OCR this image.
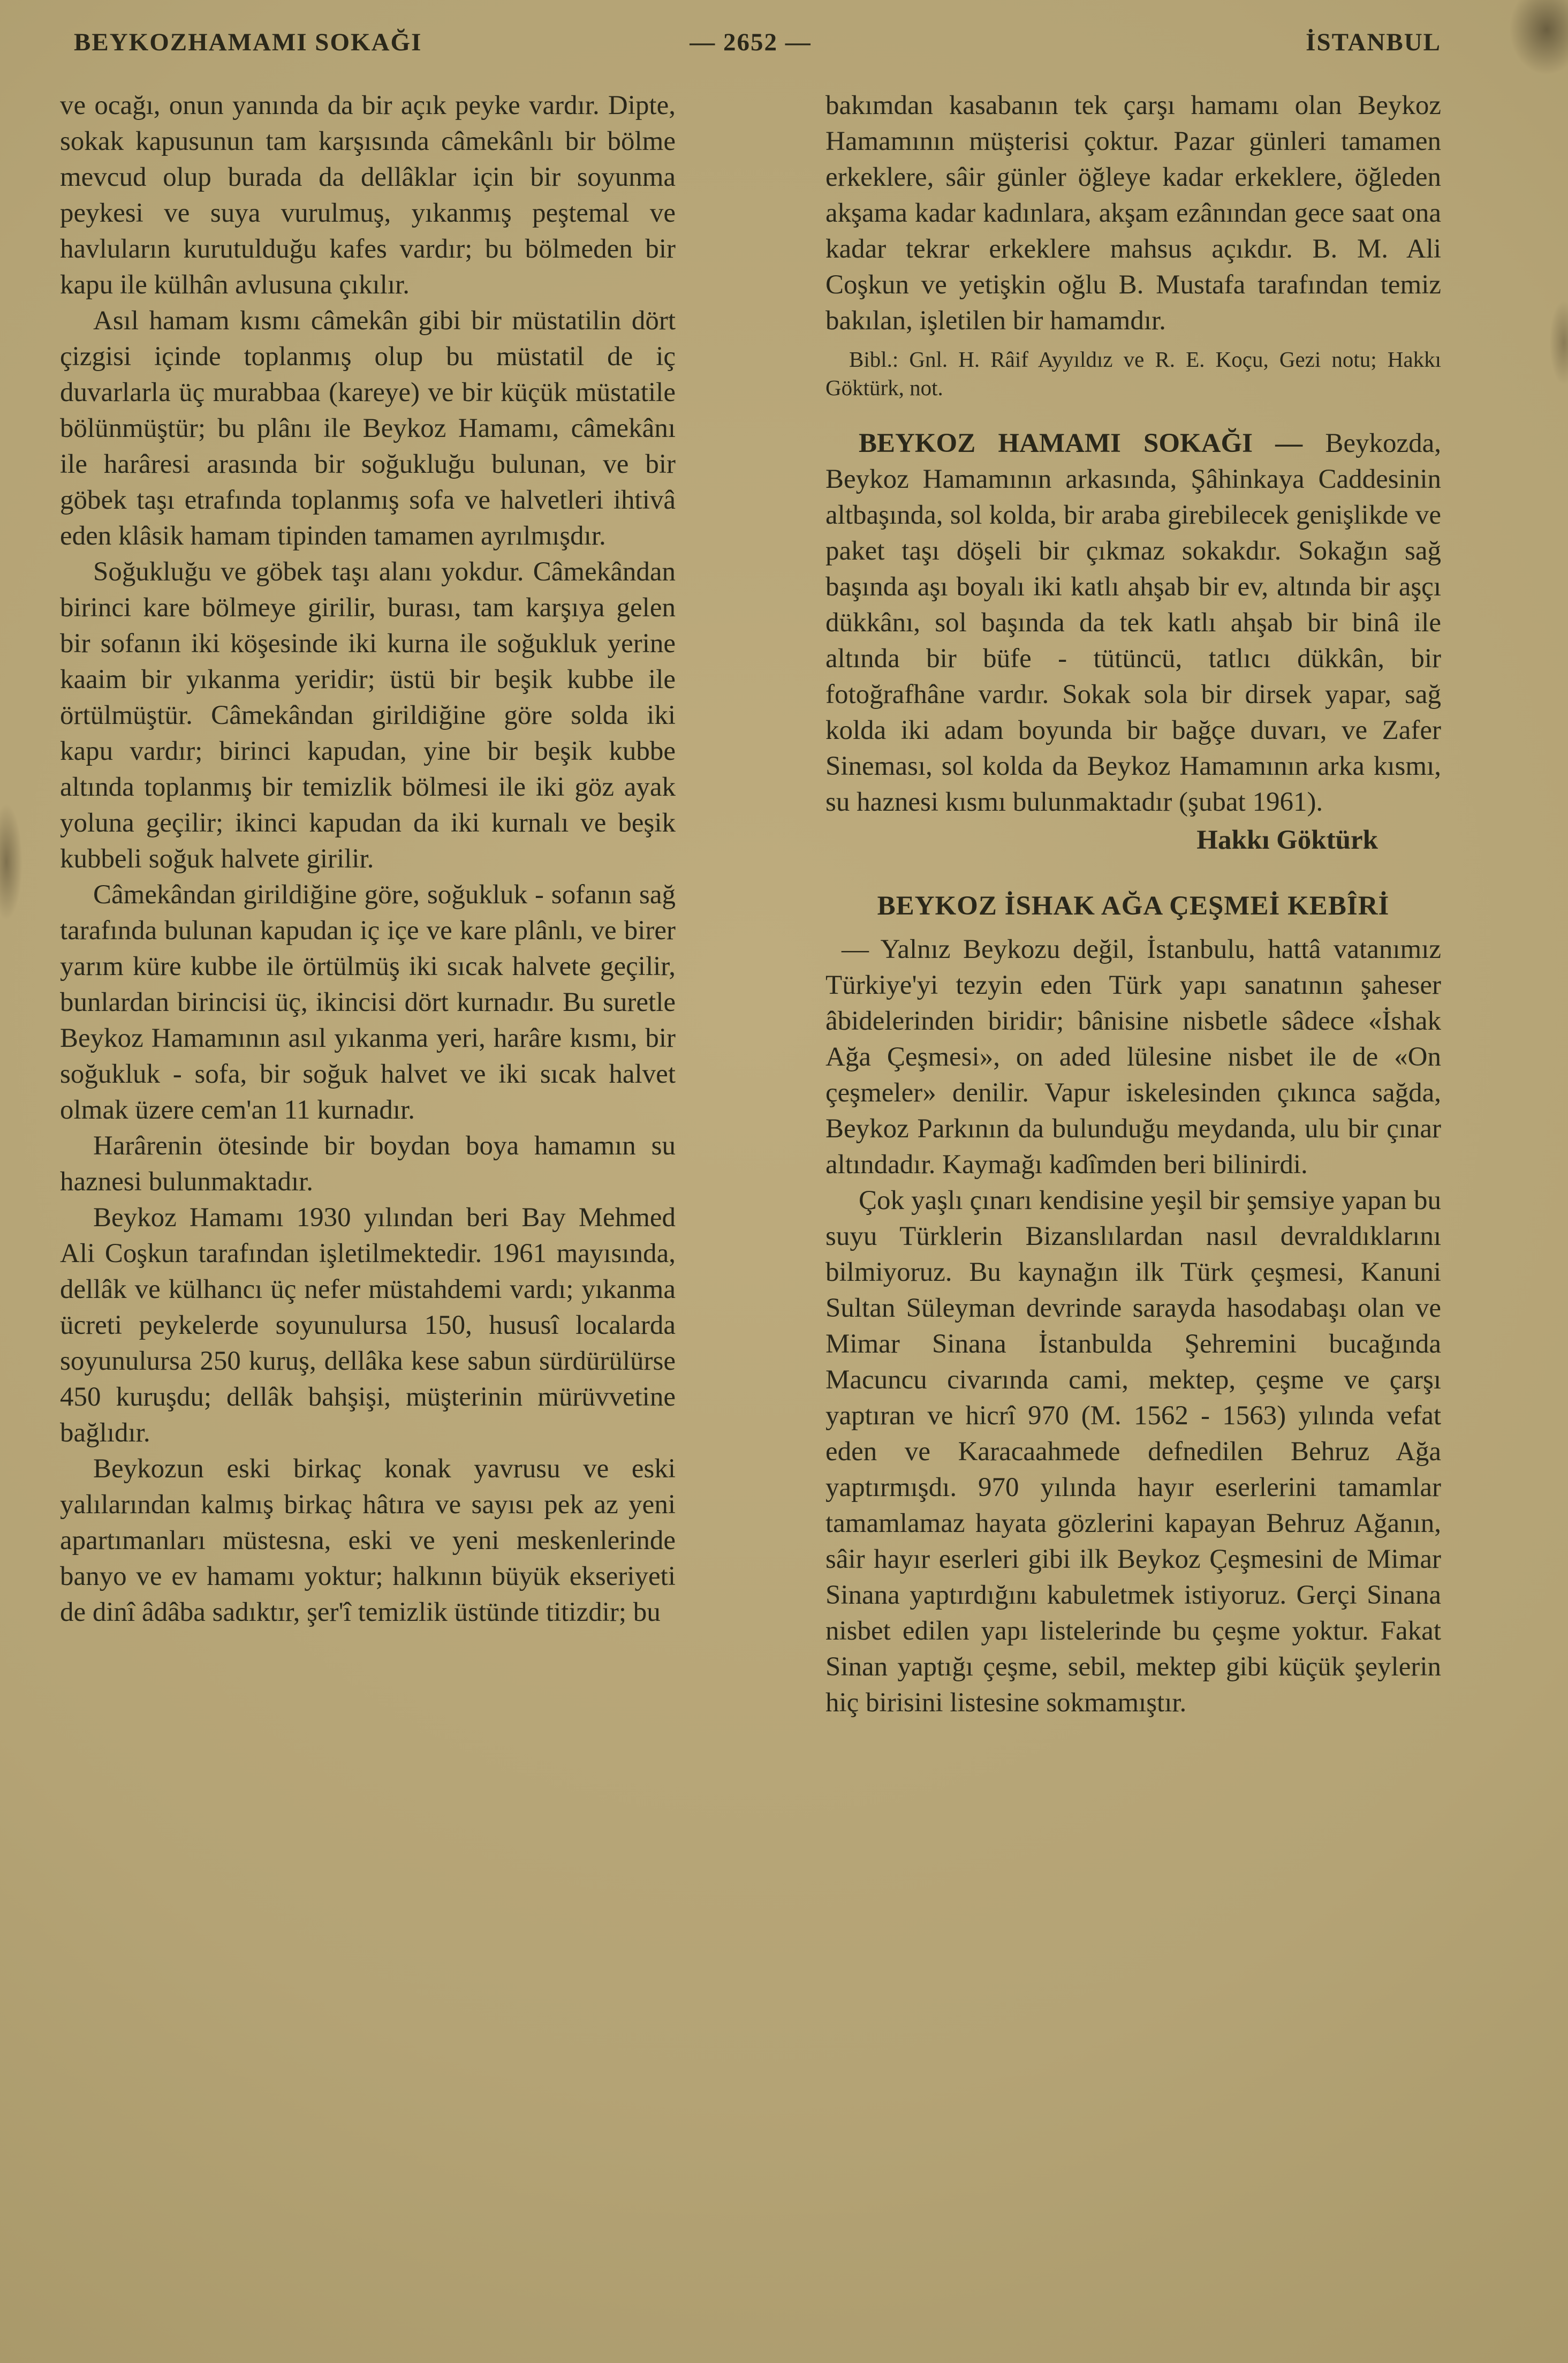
BEYKOZHAMAMI SOKAĞI	— 2652 —	İSTANBUL

ve ocağı, onun yanında da bir açık peyke vardır. Dipte, sokak kapusunun tam karşısında câmekânlı bir bölme mevcud olup burada da dellâklar için bir soyunma peykesi ve suya vurulmuş, yıkanmış peştemal ve havluların kurutulduğu kafes vardır; bu bölmeden bir kapu ile külhân avlusuna çıkılır.

Asıl hamam kısmı câmekân gibi bir müstatilin dört çizgisi içinde toplanmış olup bu müstatil de iç duvarlarla üç murabbaa (kareye) ve bir küçük müstatile bölünmüştür; bu plânı ile Beykoz Hamamı, câmekânı ile harâresi arasında bir soğukluğu bulunan, ve bir göbek taşı etrafında toplanmış sofa ve halvetleri ihtivâ eden klâsik hamam tipinden tamamen ayrılmışdır.

Soğukluğu ve göbek taşı alanı yokdur. Câmekândan birinci kare bölmeye girilir, burası, tam karşıya gelen bir sofanın iki köşesinde iki kurna ile soğukluk yerine kaaim bir yıkanma yeridir; üstü bir beşik kubbe ile örtülmüştür. Câmekândan girildiğine göre solda iki kapu vardır; birinci kapudan, yine bir beşik kubbe altında toplanmış bir temizlik bölmesi ile iki göz ayak yoluna geçilir; ikinci kapudan da iki kurnalı ve beşik kubbeli soğuk halvete girilir.

Câmekândan girildiğine göre, soğukluk - sofanın sağ tarafında bulunan kapudan iç içe ve kare plânlı, ve birer yarım küre kubbe ile örtülmüş iki sıcak halvete geçilir, bunlardan birincisi üç, ikincisi dört kurnadır. Bu suretle Beykoz Hamamının asıl yıkanma yeri, harâre kısmı, bir soğukluk - sofa, bir soğuk halvet ve iki sıcak halvet olmak üzere cem'an 11 kurnadır.

Harârenin ötesinde bir boydan boya hamamın su haznesi bulunmaktadır.

Beykoz Hamamı 1930 yılından beri Bay Mehmed Ali Coşkun tarafından işletilmektedir. 1961 mayısında, dellâk ve külhancı üç nefer müstahdemi vardı; yıkanma ücreti peykelerde soyunulursa 150, hususî localarda soyunulursa 250 kuruş, dellâka kese sabun sürdürülürse 450 kuruşdu; dellâk bahşişi, müşterinin mürüvvetine bağlıdır.

Beykozun eski birkaç konak yavrusu ve eski yalılarından kalmış birkaç hâtıra ve sayısı pek az yeni apartımanları müstesna, eski ve yeni meskenlerinde banyo ve ev hamamı yoktur; halkının büyük ekseriyeti de dinî âdâba sadıktır, şer'î temizlik üstünde titizdir; bu

bakımdan kasabanın tek çarşı hamamı olan Beykoz Hamamının müşterisi çoktur. Pazar günleri tamamen erkeklere, sâir günler öğleye kadar erkeklere, öğleden akşama kadar kadınlara, akşam ezânından gece saat ona kadar tekrar erkeklere mahsus açıkdır. B. M. Ali Coşkun ve yetişkin oğlu B. Mustafa tarafından temiz bakılan, işletilen bir hamamdır.

Bibl.: Gnl. H. Râif Ayyıldız ve R. E. Koçu, Gezi notu; Hakkı Göktürk, not.

BEYKOZ HAMAMI SOKAĞI — Beykozda, Beykoz Hamamının arkasında, Şâhinkaya Caddesinin altbaşında, sol kolda, bir araba girebilecek genişlikde ve paket taşı döşeli bir çıkmaz sokakdır. Sokağın sağ başında aşı boyalı iki katlı ahşab bir ev, altında bir aşçı dükkânı, sol başında da tek katlı ahşab bir binâ ile altında bir büfe - tütüncü, tatlıcı dükkân, bir fotoğrafhâne vardır. Sokak sola bir dirsek yapar, sağ kolda iki adam boyunda bir bağçe duvarı, ve Zafer Sineması, sol kolda da Beykoz Hamamının arka kısmı, su haznesi kısmı bulunmaktadır (şubat 1961).

Hakkı Göktürk

BEYKOZ İSHAK AĞA ÇEŞMEİ KEBÎRİ

— Yalnız Beykozu değil, İstanbulu, hattâ vatanımız Türkiye'yi tezyin eden Türk yapı sanatının şaheser âbidelerinden biridir; bânisine nisbetle sâdece «İshak Ağa Çeşmesi», on aded lülesine nisbet ile de «On çeşmeler» denilir. Vapur iskelesinden çıkınca sağda, Beykoz Parkının da bulunduğu meydanda, ulu bir çınar altındadır. Kaymağı kadîmden beri bilinirdi.

Çok yaşlı çınarı kendisine yeşil bir şemsiye yapan bu suyu Türklerin Bizanslılardan nasıl devraldıklarını bilmiyoruz. Bu kaynağın ilk Türk çeşmesi, Kanuni Sultan Süleyman devrinde sarayda hasodabaşı olan ve Mimar Sinana İstanbulda Şehremini bucağında Macuncu civarında cami, mektep, çeşme ve çarşı yaptıran ve hicrî 970 (M. 1562 - 1563) yılında vefat eden ve Karacaahmede defnedilen Behruz Ağa yaptırmışdı. 970 yılında hayır eserlerini tamamlar tamamlamaz hayata gözlerini kapayan Behruz Ağanın, sâir hayır eserleri gibi ilk Beykoz Çeşmesini de Mimar Sinana yaptırdığını kabuletmek istiyoruz. Gerçi Sinana nisbet edilen yapı listelerinde bu çeşme yoktur. Fakat Sinan yaptığı çeşme, sebil, mektep gibi küçük şeylerin hiç birisini listesine sokmamıştır.
